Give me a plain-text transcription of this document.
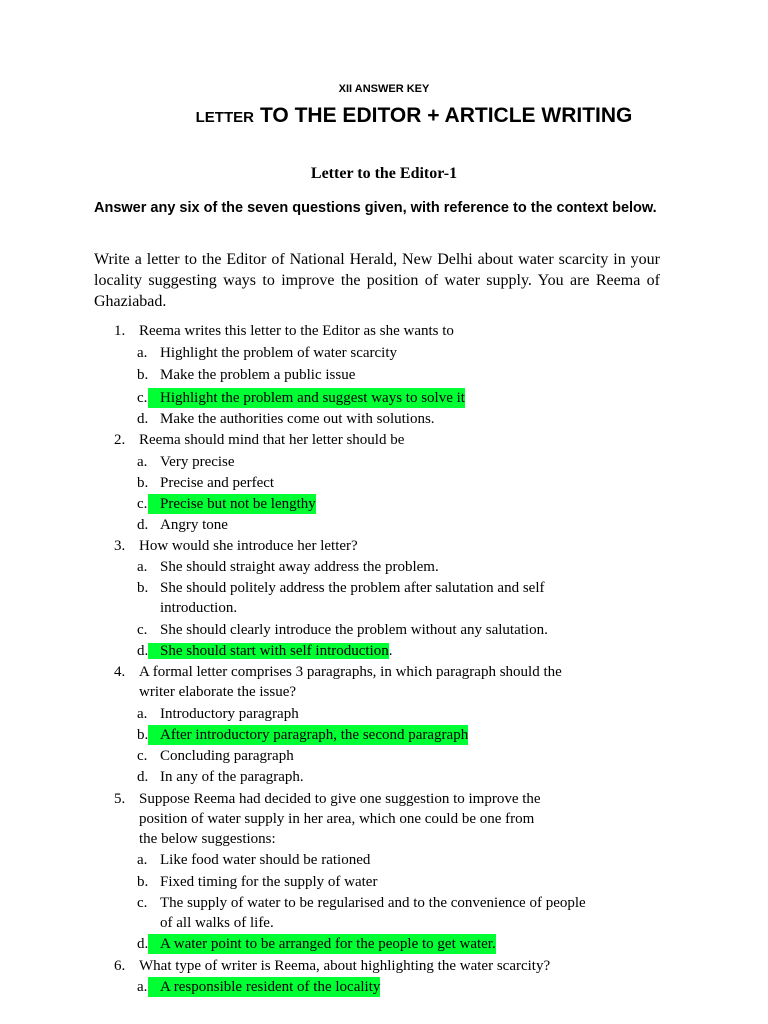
XII ANSWER KEY
LETTER TO THE EDITOR + ARTICLE WRITING
Letter to the Editor-1
Answer any six of the seven questions given, with reference to the context below.
Write a letter to the Editor of National Herald, New Delhi about water scarcity in your locality suggesting ways to improve the position of water supply. You are Reema of Ghaziabad.
1. Reema writes this letter to the Editor as she wants to
a. Highlight the problem of water scarcity
b. Make the problem a public issue
c. Highlight the problem and suggest ways to solve it
d. Make the authorities come out with solutions.
2. Reema should mind that her letter should be
a. Very precise
b. Precise and perfect
c. Precise but not be lengthy
d. Angry tone
3. How would she introduce her letter?
a. She should straight away address the problem.
b. She should politely address the problem after salutation and self
introduction.
c. She should clearly introduce the problem without any salutation.
d. She should start with self introduction.
4. A formal letter comprises 3 paragraphs, in which paragraph should the
writer elaborate the issue?
a. Introductory paragraph
b. After introductory paragraph, the second paragraph
c. Concluding paragraph
d. In any of the paragraph.
5. Suppose Reema had decided to give one suggestion to improve the
position of water supply in her area, which one could be one from
the below suggestions:
a. Like food water should be rationed
b. Fixed timing for the supply of water
c. The supply of water to be regularised and to the convenience of people
of all walks of life.
d. A water point to be arranged for the people to get water.
6. What type of writer is Reema, about highlighting the water scarcity?
a. A responsible resident of the locality
